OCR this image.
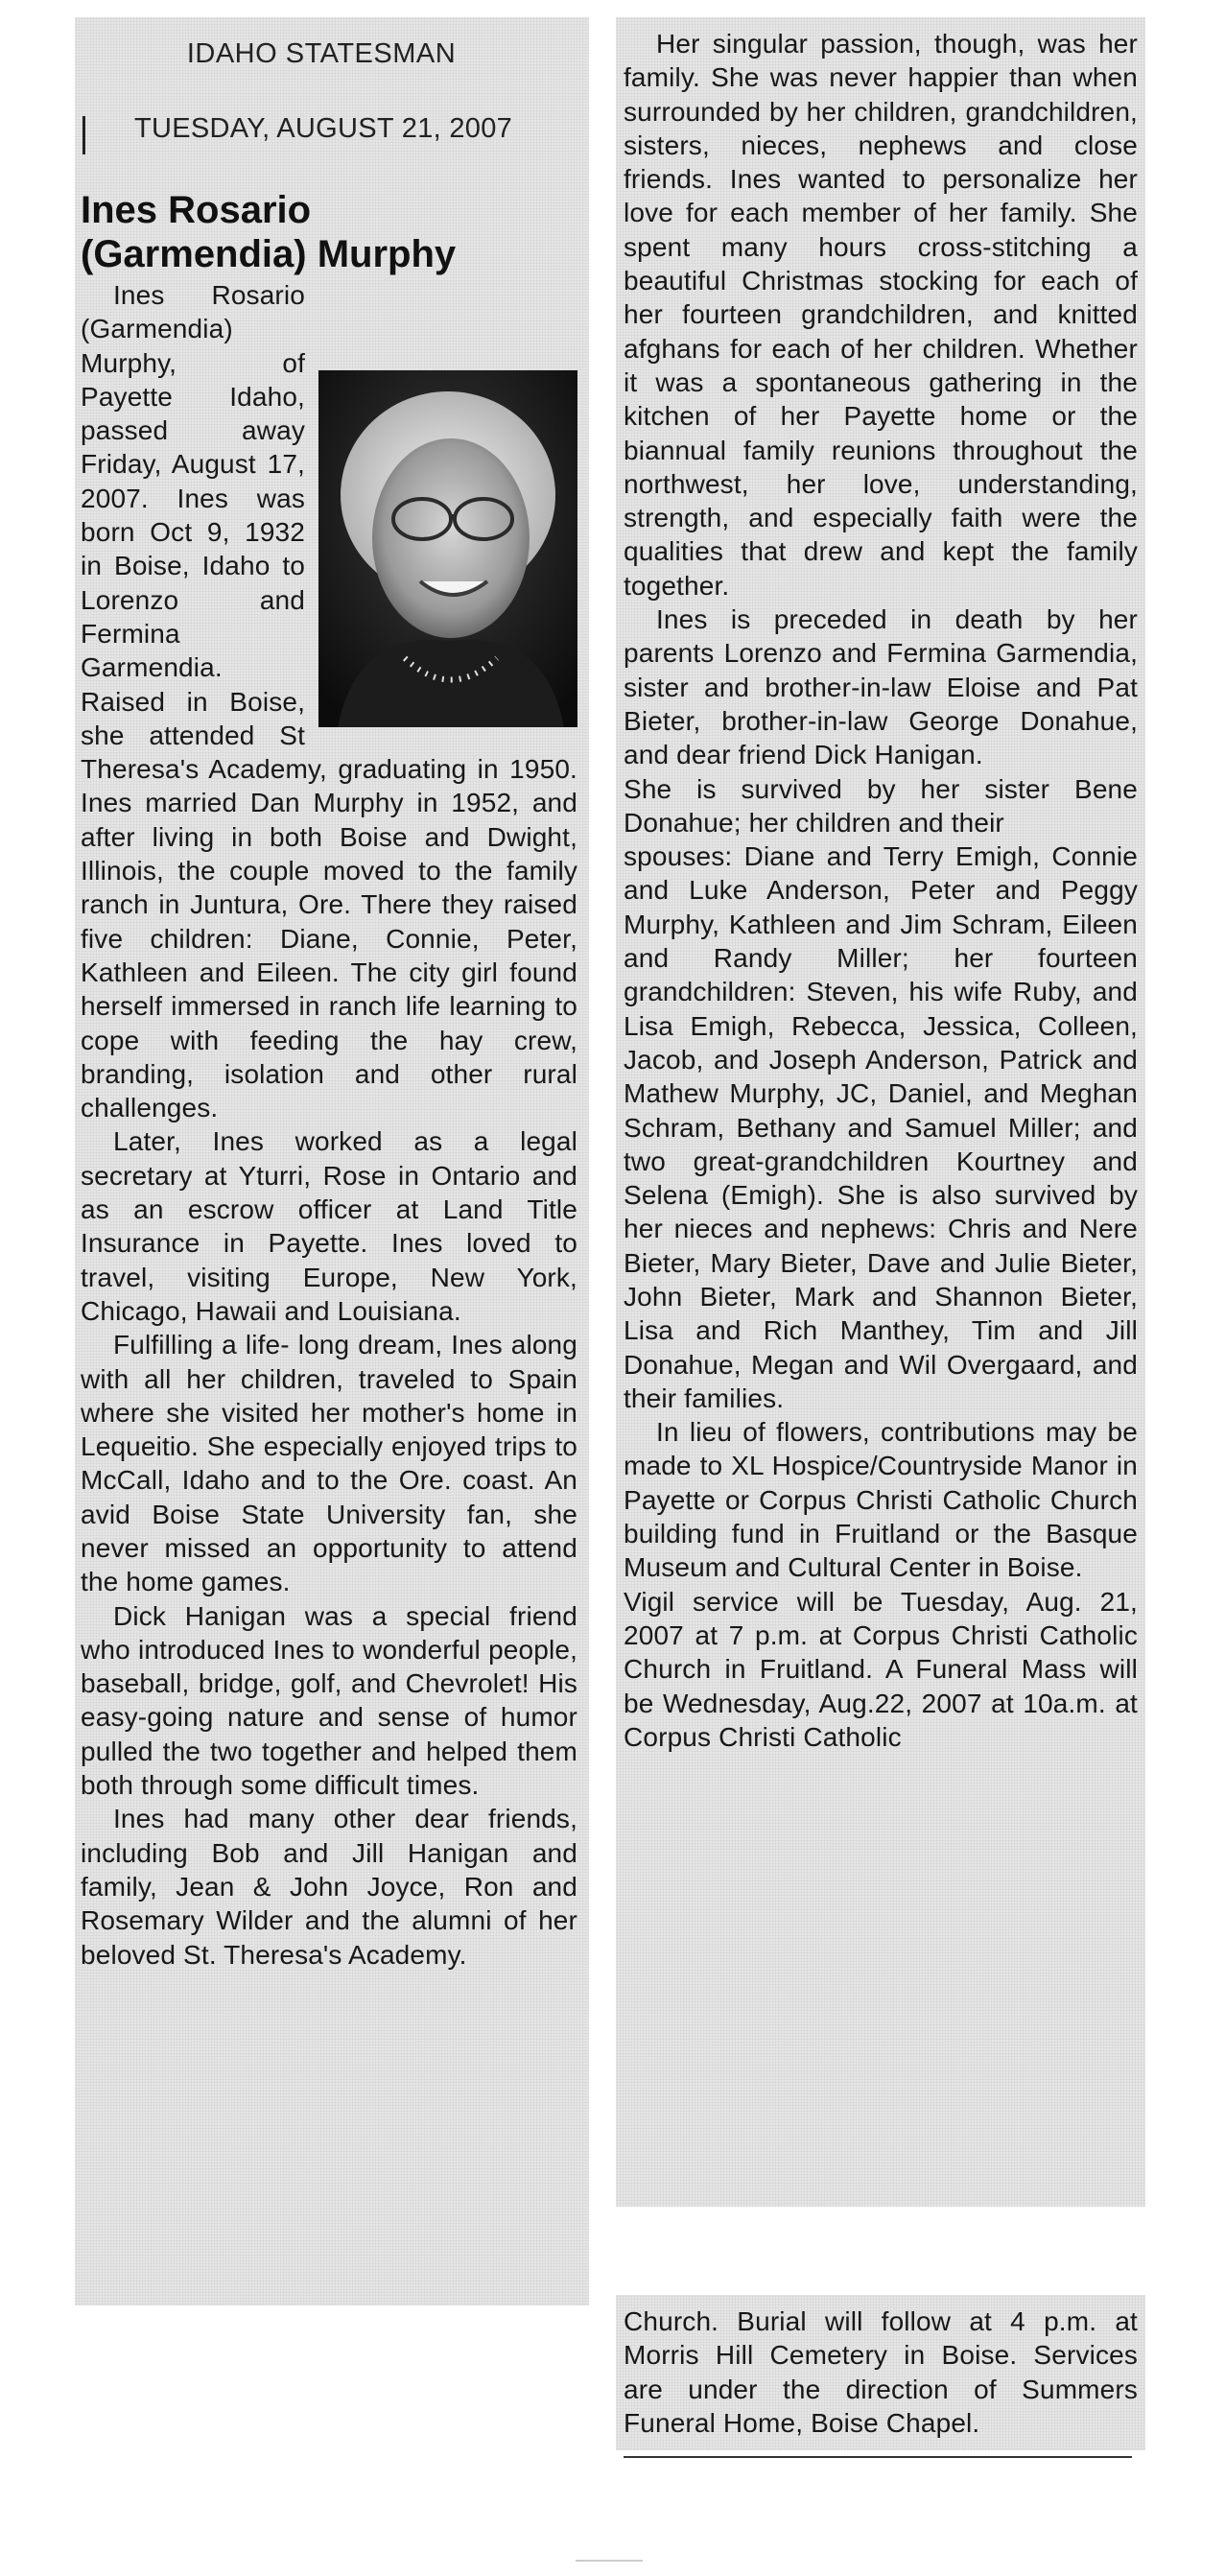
IDAHO STATESMAN
TUESDAY, AUGUST 21, 2007
Ines Rosario
(Garmendia) Murphy

Ines Rosario (Garmendia) Murphy, of Payette Idaho, passed away Friday, August 17, 2007. Ines was born Oct 9, 1932 in Boise, Idaho to Lorenzo and Fermina Garmendia. Raised in Boise, she attended St Theresa's Academy, graduating in 1950. Ines married Dan Murphy in 1952, and after living in both Boise and Dwight, Illinois, the couple moved to the family ranch in Juntura, Ore. There they raised five children: Diane, Connie, Peter, Kathleen and Eileen. The city girl found herself immersed in ranch life learning to cope with feeding the hay crew, branding, isolation and other rural challenges.

Later, Ines worked as a legal secretary at Yturri, Rose in Ontario and as an escrow officer at Land Title Insurance in Payette. Ines loved to travel, visiting Europe, New York, Chicago, Hawaii and Louisiana.

Fulfilling a life- long dream, Ines along with all her children, traveled to Spain where she visited her mother's home in Lequeitio. She especially enjoyed trips to McCall, Idaho and to the Ore. coast. An avid Boise State University fan, she never missed an opportunity to attend the home games.

Dick Hanigan was a special friend who introduced Ines to wonderful people, baseball, bridge, golf, and Chevrolet! His easy-going nature and sense of humor pulled the two together and helped them both through some difficult times.

Ines had many other dear friends, including Bob and Jill Hanigan and family, Jean & John Joyce, Ron and Rosemary Wilder and the alumni of her beloved St. Theresa's Academy.

Her singular passion, though, was her family. She was never happier than when surrounded by her children, grandchildren, sisters, nieces, nephews and close friends. Ines wanted to personalize her love for each member of her family. She spent many hours cross-stitching a beautiful Christmas stocking for each of her fourteen grandchildren, and knitted afghans for each of her children. Whether it was a spontaneous gathering in the kitchen of her Payette home or the biannual family reunions throughout the northwest, her love, understanding, strength, and especially faith were the qualities that drew and kept the family together.

Ines is preceded in death by her parents Lorenzo and Fermina Garmendia, sister and brother-in-law Eloise and Pat Bieter, brother-in-law George Donahue, and dear friend Dick Hanigan.

She is survived by her sister Bene Donahue; her children and their

spouses: Diane and Terry Emigh, Connie and Luke Anderson, Peter and Peggy Murphy, Kathleen and Jim Schram, Eileen and Randy Miller; her fourteen grandchildren: Steven, his wife Ruby, and Lisa Emigh, Rebecca, Jessica, Colleen, Jacob, and Joseph Anderson, Patrick and Mathew Murphy, JC, Daniel, and Meghan Schram, Bethany and Samuel Miller; and two great-grandchildren Kourtney and Selena (Emigh). She is also survived by her nieces and nephews: Chris and Nere Bieter, Mary Bieter, Dave and Julie Bieter, John Bieter, Mark and Shannon Bieter, Lisa and Rich Manthey, Tim and Jill Donahue, Megan and Wil Overgaard, and their families.

In lieu of flowers, contributions may be made to XL Hospice/Countryside Manor in Payette or Corpus Christi Catholic Church building fund in Fruitland or the Basque Museum and Cultural Center in Boise.

Vigil service will be Tuesday, Aug. 21, 2007 at 7 p.m. at Corpus Christi Catholic Church in Fruitland. A Funeral Mass will be Wednesday, Aug.22, 2007 at 10a.m. at Corpus Christi Catholic

Church. Burial will follow at 4 p.m. at Morris Hill Cemetery in Boise. Services are under the direction of Summers Funeral Home, Boise Chapel.
